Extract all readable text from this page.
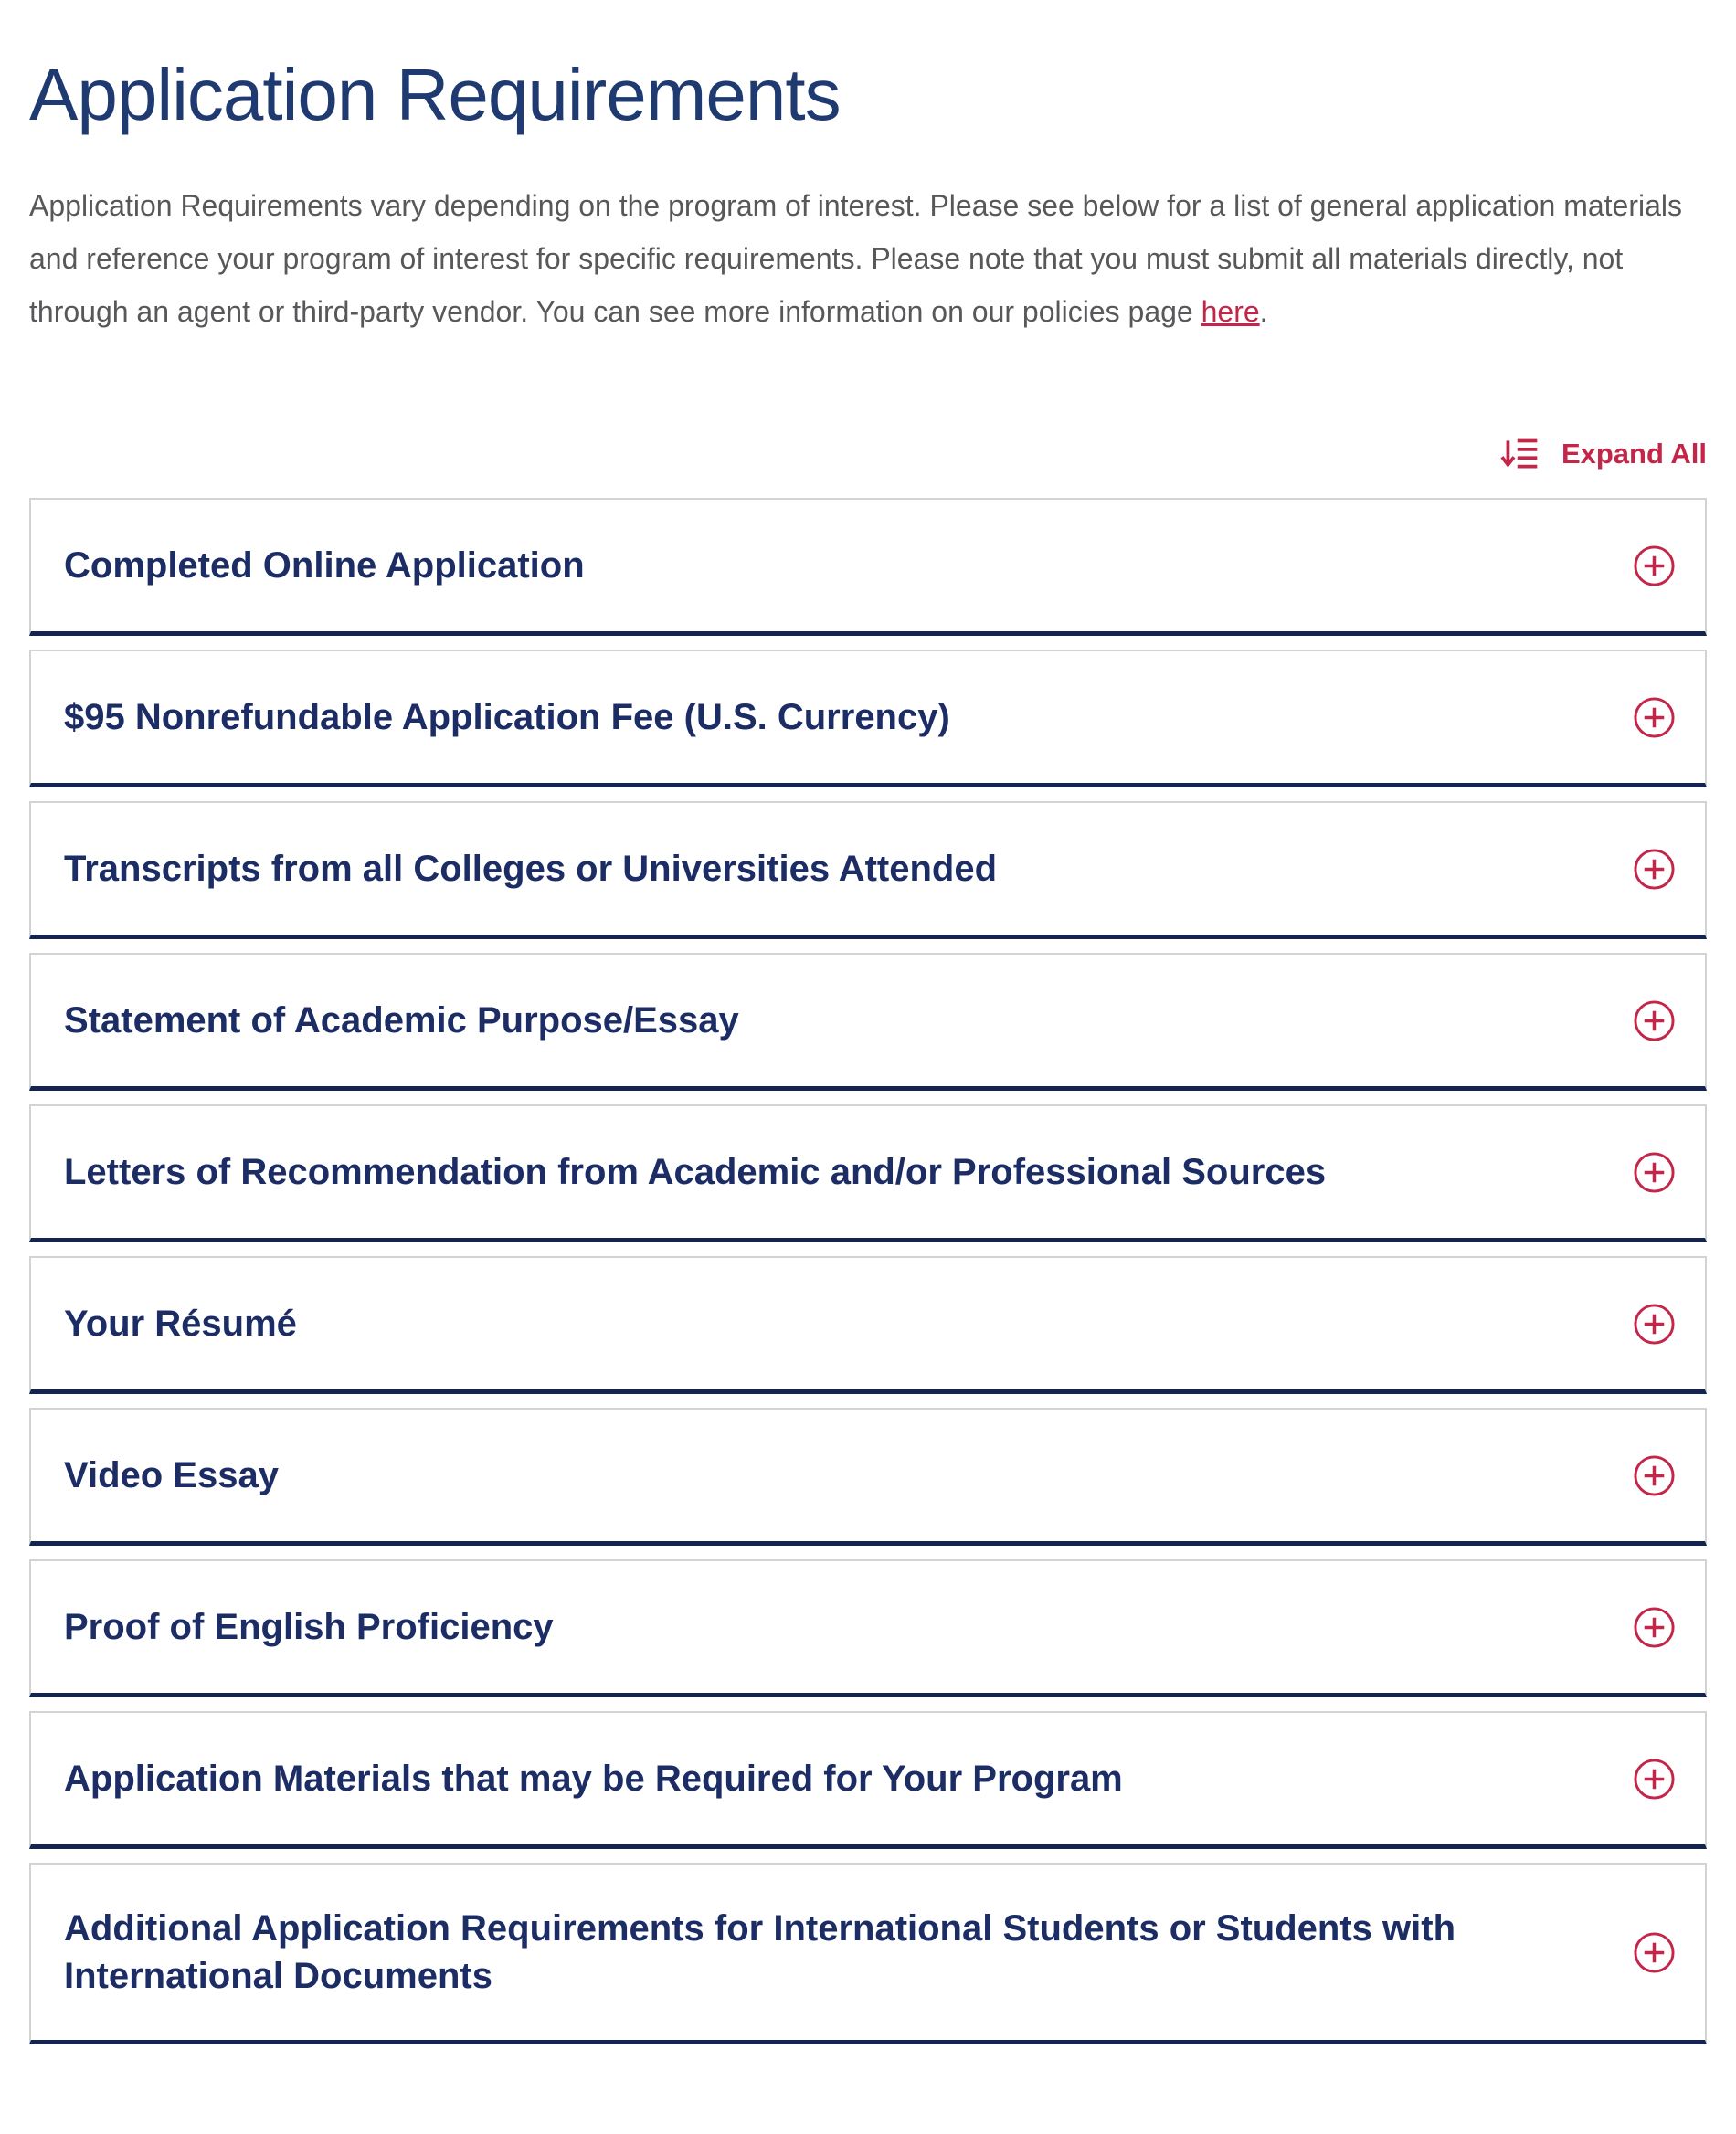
Application Requirements

Application Requirements vary depending on the program of interest. Please see below for a list of general application materials and reference your program of interest for specific requirements. Please note that you must submit all materials directly, not through an agent or third-party vendor. You can see more information on our policies page here.

Expand All
Completed Online Application
$95 Nonrefundable Application Fee (U.S. Currency)
Transcripts from all Colleges or Universities Attended
Statement of Academic Purpose/Essay
Letters of Recommendation from Academic and/or Professional Sources
Your Résumé
Video Essay
Proof of English Proficiency
Application Materials that may be Required for Your Program
Additional Application Requirements for International Students or Students with International Documents
